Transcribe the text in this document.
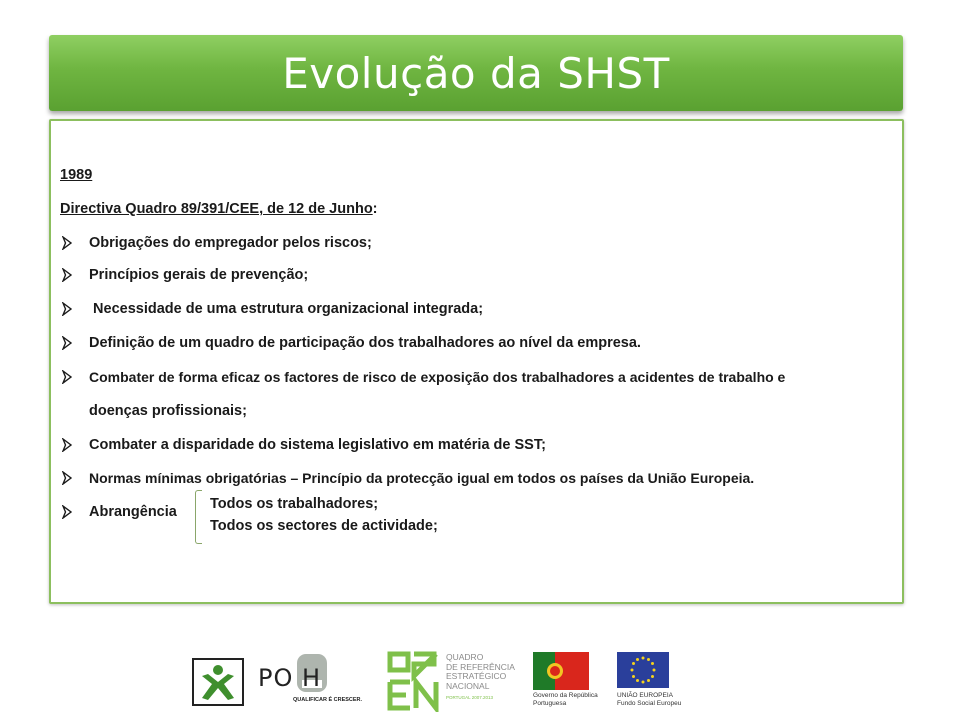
Evolução da SHST
1989
Directiva Quadro 89/391/CEE, de 12 de Junho:
Obrigações do empregador pelos riscos;
Princípios gerais de prevenção;
Necessidade de uma estrutura organizacional integrada;
Definição de um quadro de participação dos trabalhadores ao nível da empresa.
Combater de forma eficaz os factores de risco de exposição dos trabalhadores a acidentes de trabalho e
doenças profissionais;
Combater a disparidade do sistema legislativo em matéria de SST;
Normas mínimas obrigatórias – Princípio da protecção igual em todos os países da União Europeia.
Abrangência Todos os trabalhadores;
Todos os sectores de actividade;
PO H
QUALIFICAR É CRESCER.
QUADRO
DE REFERÊNCIA
ESTRATÉGICO
NACIONAL
PORTUGAL 2007.2013	Governo da República
Portuguesa
UNIÃO EUROPEIA
Fundo Social Europeu
